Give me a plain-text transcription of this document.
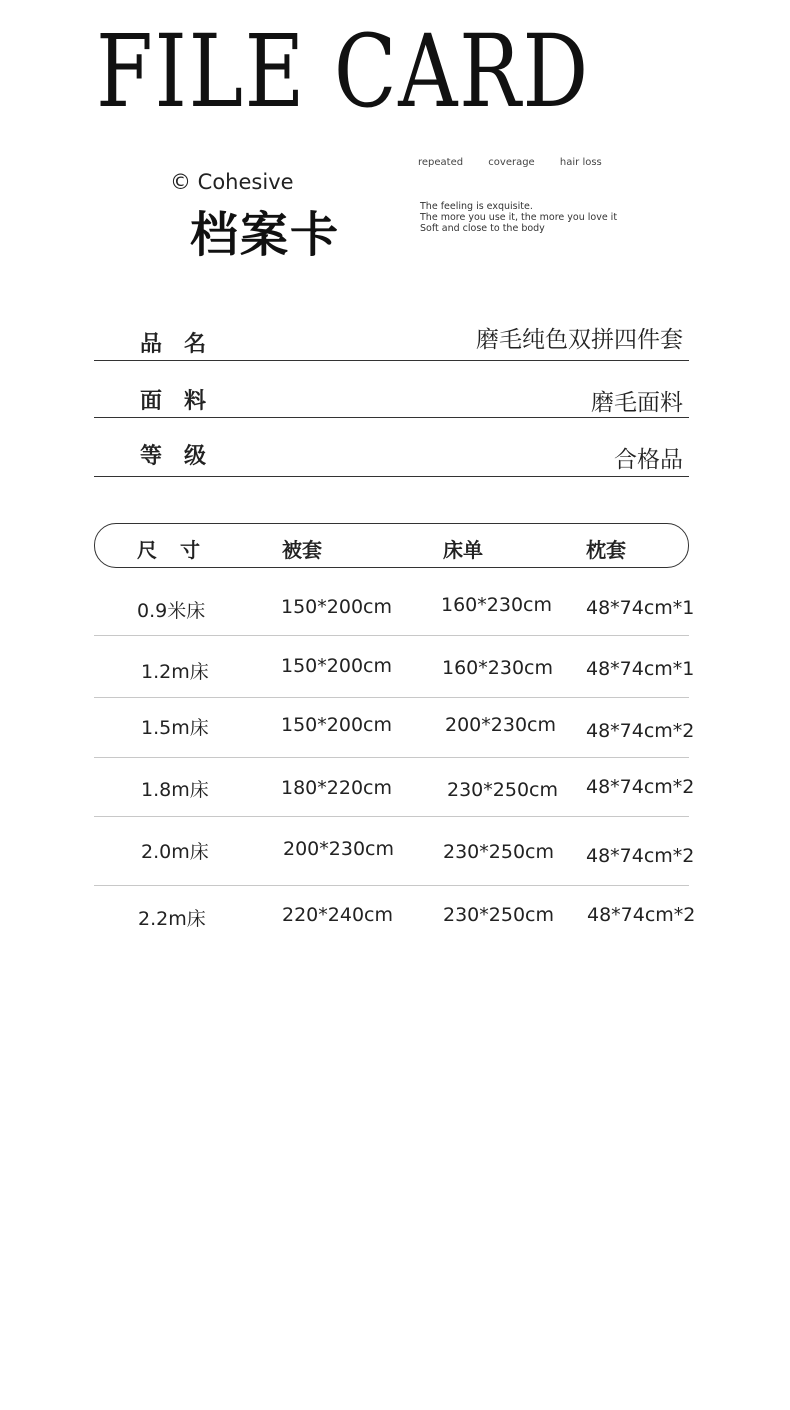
FILE CARD
© Cohesive
档案卡
repeated	coverage	hair loss
The feeling is exquisite.
The more you use it, the more you love it
Soft and close to the body
品名	磨毛纯色双拼四件套
面料	磨毛面料
等级	合格品
尺 寸	被套	床单	枕套
0.9米床	150*200cm	160*230cm 48*74cm*1
1.2m床	150*200cm	160*230cm 48*74cm*1
1.5m床	150*200cm	200*230cm 48*74cm*2
1.8m床	180*220cm	230*250cm 48*74cm*2
2.0m床	200*230cm	230*250cm 48*74cm*2
2.2m床	220*240cm	230*250cm 48*74cm*2
